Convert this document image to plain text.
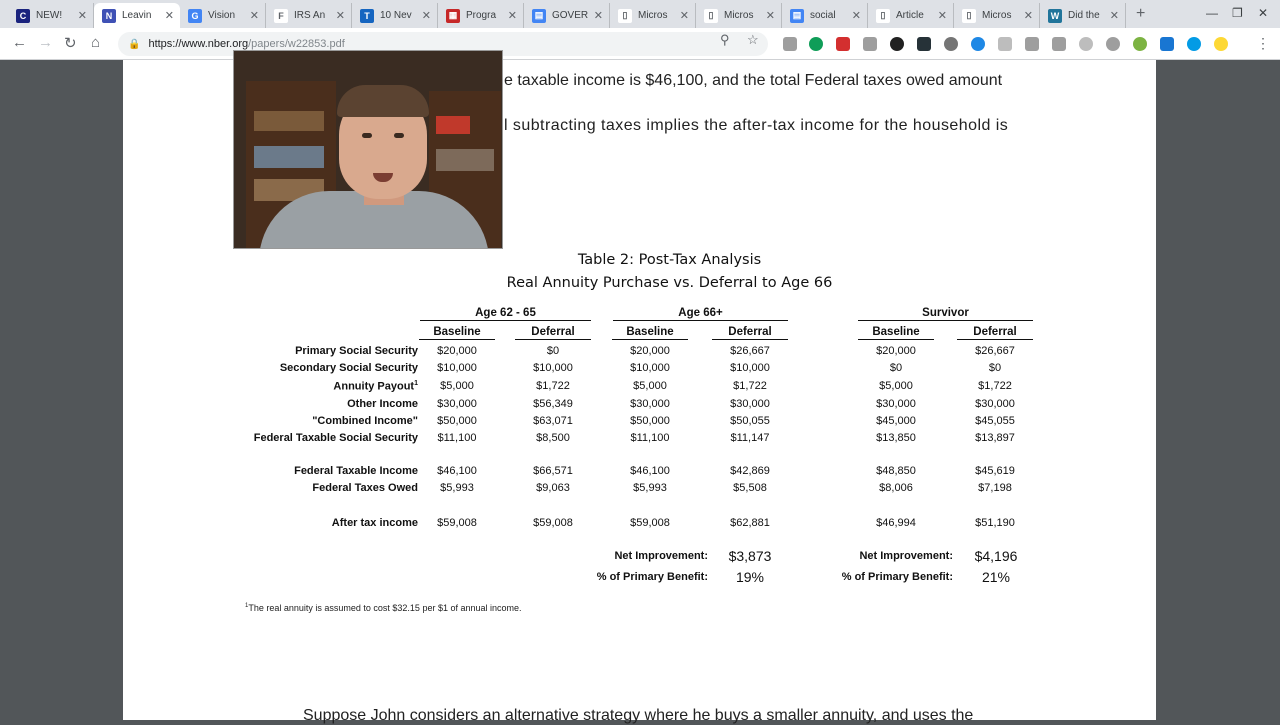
C NEW!	✕	N Leavin	✕	G Vision	✕	F	IRS An ✕	T	10 Nev ✕	▦ Progra	✕	▤ GOVER ✕	▯	Micros	✕	▯	Micros	✕	▤ social	✕	▯	Article	✕	▯	Micros	✕	W Did the ✕ +	— ❐ ✕
← → ↻ ⌂	🔒 https://www.nber.org /papers/w22853.pdf	⚲ ☆	⋮
e taxable income is $46,100, and the total Federal taxes owed amount
l subtracting taxes implies the after-tax income for the household is
Suppose John considers an alternative strategy where he buys a smaller annuity, and uses the
Table 2: Post-Tax Analysis
Real Annuity Purchase vs. Deferral to Age 66
Age 62 - 65	Age 66+	Survivor
Baseline	Deferral	Baseline	Deferral	Baseline	Deferral
Primary Social Security	$20,000	$0	$20,000	$26,667	$20,000	$26,667
Secondary Social Security	$10,000	$10,000	$10,000	$10,000	$0	$0
Annuity Payout$^1$	$5,000	$1,722	$5,000	$1,722	$5,000	$1,722
Other Income	$30,000	$56,349	$30,000	$30,000	$30,000	$30,000
"Combined Income"	$50,000	$63,071	$50,000	$50,055	$45,000	$45,055
Federal Taxable Social Security	$11,100	$8,500	$11,100	$11,147	$13,850	$13,897
Federal Taxable Income	$46,100	$66,571	$46,100	$42,869	$48,850	$45,619
Federal Taxes Owed	$5,993	$9,063	$5,993	$5,508	$8,006	$7,198
After tax income	$59,008	$59,008	$59,008	$62,881	$46,994	$51,190
Net Improvement:	$3,873
% of Primary Benefit:	19%
Net Improvement:	$4,196
% of Primary Benefit:	21%
$^1$The real annuity is assumed to cost $32.15 per $1 of annual income.
